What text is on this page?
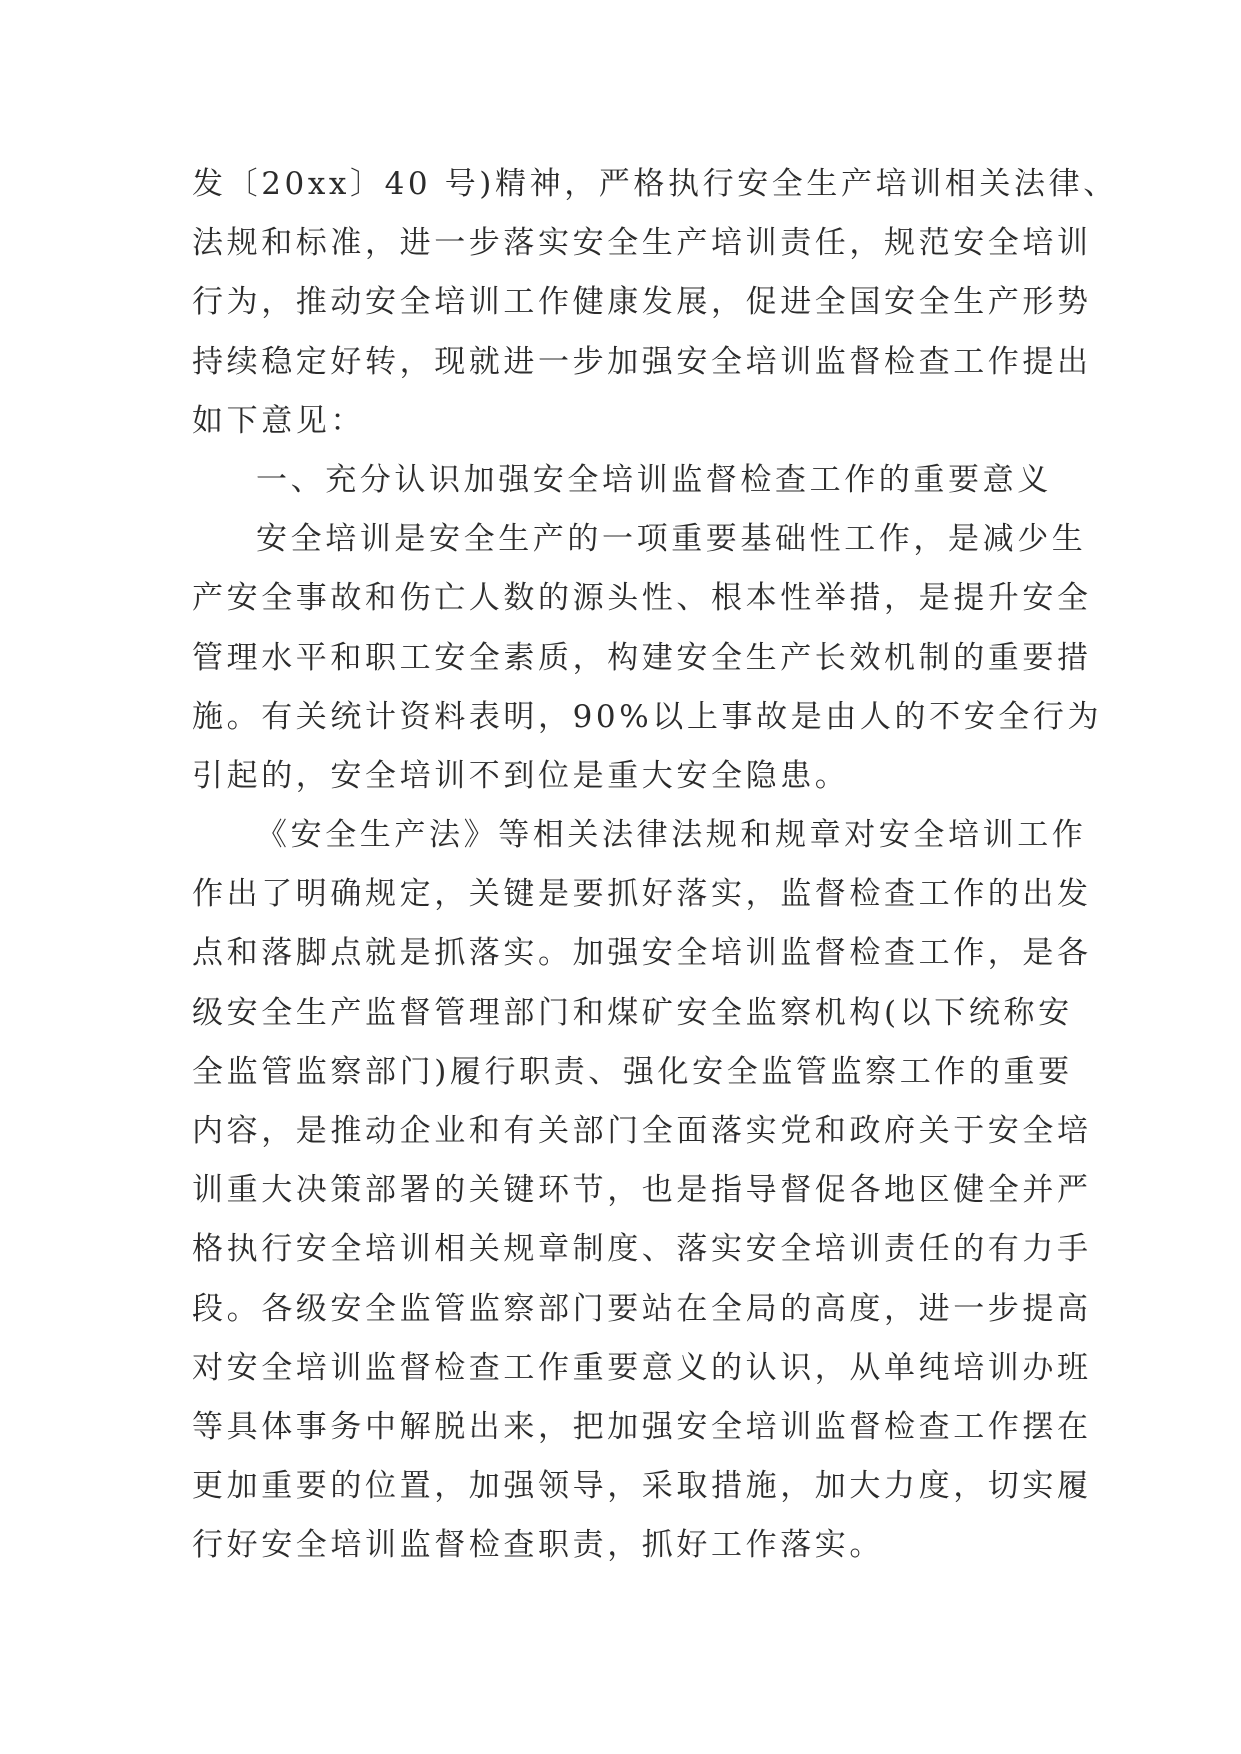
发〔20xx〕40 号)精神，严格执行安全生产培训相关法律、
法规和标准，进一步落实安全生产培训责任，规范安全培训
行为，推动安全培训工作健康发展，促进全国安全生产形势
持续稳定好转，现就进一步加强安全培训监督检查工作提出
如下意见：
一、充分认识加强安全培训监督检查工作的重要意义
安全培训是安全生产的一项重要基础性工作，是减少生
产安全事故和伤亡人数的源头性、根本性举措，是提升安全
管理水平和职工安全素质，构建安全生产长效机制的重要措
施。有关统计资料表明，90%以上事故是由人的不安全行为
引起的，安全培训不到位是重大安全隐患。
《安全生产法》等相关法律法规和规章对安全培训工作
作出了明确规定，关键是要抓好落实，监督检查工作的出发
点和落脚点就是抓落实。加强安全培训监督检查工作，是各
级安全生产监督管理部门和煤矿安全监察机构(以下统称安
全监管监察部门)履行职责、强化安全监管监察工作的重要
内容，是推动企业和有关部门全面落实党和政府关于安全培
训重大决策部署的关键环节，也是指导督促各地区健全并严
格执行安全培训相关规章制度、落实安全培训责任的有力手
段。各级安全监管监察部门要站在全局的高度，进一步提高
对安全培训监督检查工作重要意义的认识，从单纯培训办班
等具体事务中解脱出来，把加强安全培训监督检查工作摆在
更加重要的位置，加强领导，采取措施，加大力度，切实履
行好安全培训监督检查职责，抓好工作落实。
